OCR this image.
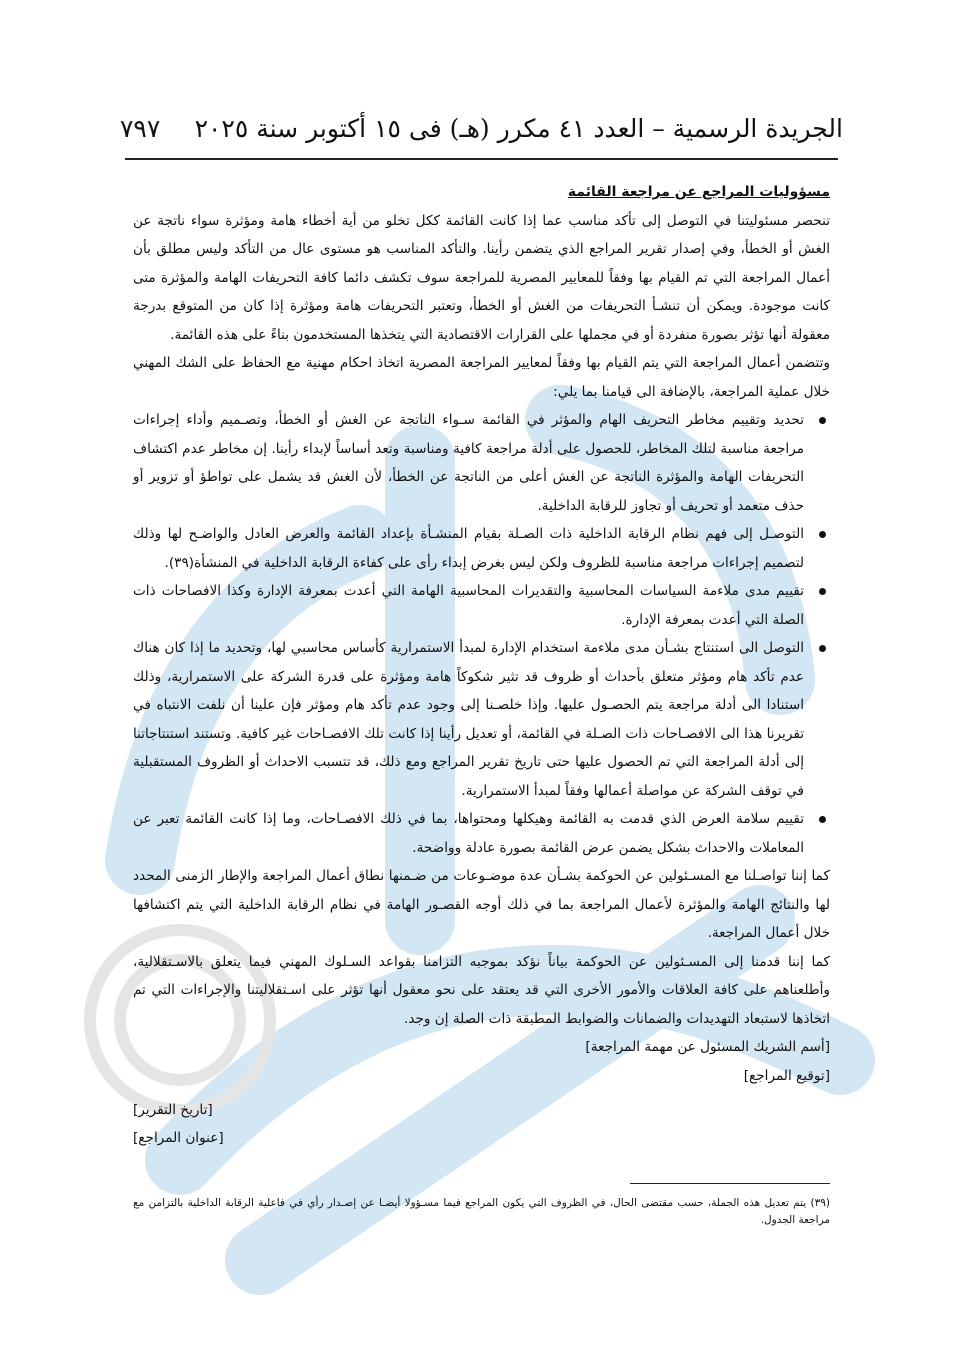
الجريدة الرسمية – العدد ٤١ مكرر (هـ) فى ١٥ أكتوبر سنة ٢٠٢٥
٧٩٧

مسؤوليات المراجع عن مراجعة القائمة

تنحصر مسئوليتنا في التوصل إلى تأكد مناسب عما إذا كانت القائمة ككل تخلو من أية أخطاء هامة ومؤثرة سواء ناتجة عن الغش أو الخطأ، وفي إصدار تقرير المراجع الذي يتضمن رأينا. والتأكد المناسب هو مستوى عال من التأكد وليس مطلق بأن أعمال المراجعة التي تم القيام بها وفقاً للمعايير المصرية للمراجعة سوف تكشف دائما كافة التحريفات الهامة والمؤثرة متى كانت موجودة. ويمكن أن تنشـأ التحريفات من الغش أو الخطأ، وتعتبر التحريفات هامة ومؤثرة إذا كان من المتوقع بدرجة معقولة أنها تؤثر بصورة منفردة أو في مجملها على القرارات الاقتصادية التي يتخذها المستخدمون بناءً على هذه القائمة.

وتتضمن أعمال المراجعة التي يتم القيام بها وفقاً لمعايير المراجعة المصرية اتخاذ احكام مهنية مع الحفاظ على الشك المهني خلال عملية المراجعة، بالإضافة الى قيامنا بما يلي:

تحديد وتقييم مخاطر التحريف الهام والمؤثر في القائمة سـواء الناتجة عن الغش أو الخطأ، وتصـميم وأداء إجراءات مراجعة مناسبة لتلك المخاطر، للحصول على أدلة مراجعة كافية ومناسبة وتعد أساساً لإبداء رأينا. إن مخاطر عدم اكتشاف التحريفات الهامة والمؤثرة الناتجة عن الغش أعلى من الناتجة عن الخطأ، لأن الغش قد يشمل على تواطؤ أو تزوير أو حذف متعمد أو تحريف أو تجاوز للرقابة الداخلية.
التوصـل إلى فهم نظام الرقابة الداخلية ذات الصـلة بقيام المنشـأة بإعداد القائمة والعرض العادل والواضـح لها وذلك لتصميم إجراءات مراجعة مناسبة للظروف ولكن ليس بغرض إبداء رأى على كفاءة الرقابة الداخلية في المنشأة(٣٩).
تقييم مدى ملاءمة السياسات المحاسبية والتقديرات المحاسبية الهامة التي أعدت بمعرفة الإدارة وكذا الافصاحات ذات الصلة التي أعدت بمعرفة الإدارة.
التوصل الى استنتاج بشـأن مدى ملاءمة استخدام الإدارة لمبدأ الاستمرارية كأساس محاسبي لها، وتحديد ما إذا كان هناك عدم تأكد هام ومؤثر متعلق بأحداث أو ظروف قد تثير شكوكاً هامة ومؤثرة على قدرة الشركة على الاستمرارية، وذلك استنادا الى أدلة مراجعة يتم الحصـول عليها. وإذا خلصـنا إلى وجود عدم تأكد هام ومؤثر فإن علينا أن نلفت الانتباه في تقريرنا هذا الى الافصـاحات ذات الصـلة في القائمة، أو تعديل رأينا إذا كانت تلك الافصـاحات غير كافية. وتستند استنتاجاتنا إلى أدلة المراجعة التي تم الحصول عليها حتى تاريخ تقرير المراجع ومع ذلك، قد تتسبب الاحداث أو الظروف المستقبلية في توقف الشركة عن مواصلة أعمالها وفقاً لمبدأ الاستمرارية.
تقييم سلامة العرض الذي قدمت به القائمة وهيكلها ومحتواها، بما في ذلك الافصـاحات، وما إذا كانت القائمة تعبر عن المعاملات والاحداث بشكل يضمن عرض القائمة بصورة عادلة وواضحة.

كما إننا تواصـلنا مع المسـئولين عن الحوكمة بشـأن عدة موضـوعات من ضـمنها نطاق أعمال المراجعة والإطار الزمنى المحدد لها والنتائج الهامة والمؤثرة لأعمال المراجعة بما في ذلك أوجه القصـور الهامة في نظام الرقابة الداخلية التي يتم اكتشافها خلال أعمال المراجعة.

كما إننا قدمنا إلى المسـئولين عن الحوكمة بياناً نؤكد بموجبه التزامنا بقواعد السـلوك المهني فيما يتعلق بالاسـتقلالية، وأطلعناهم على كافة العلاقات والأمور الأخرى التي قد يعتقد على نحو معقول أنها تؤثر على اسـتقلاليتنا والإجراءات التي تم اتخاذها لاستبعاد التهديدات والضمانات والضوابط المطبقة ذات الصلة إن وجد.

[أسم الشريك المسئول عن مهمة المراجعة]

[توقيع المراجع]

[تاريخ التقرير]
[عنوان المراجع]
(٣٩) يتم تعديل هذه الجملة، حسب مقتضى الحال، في الظروف التي يكون المراجع فيما مسـؤولا أيضـا عن إصـدار رأي في فاعلية الرقابة الداخلية بالتزامن مع مراجعة الجدول.
